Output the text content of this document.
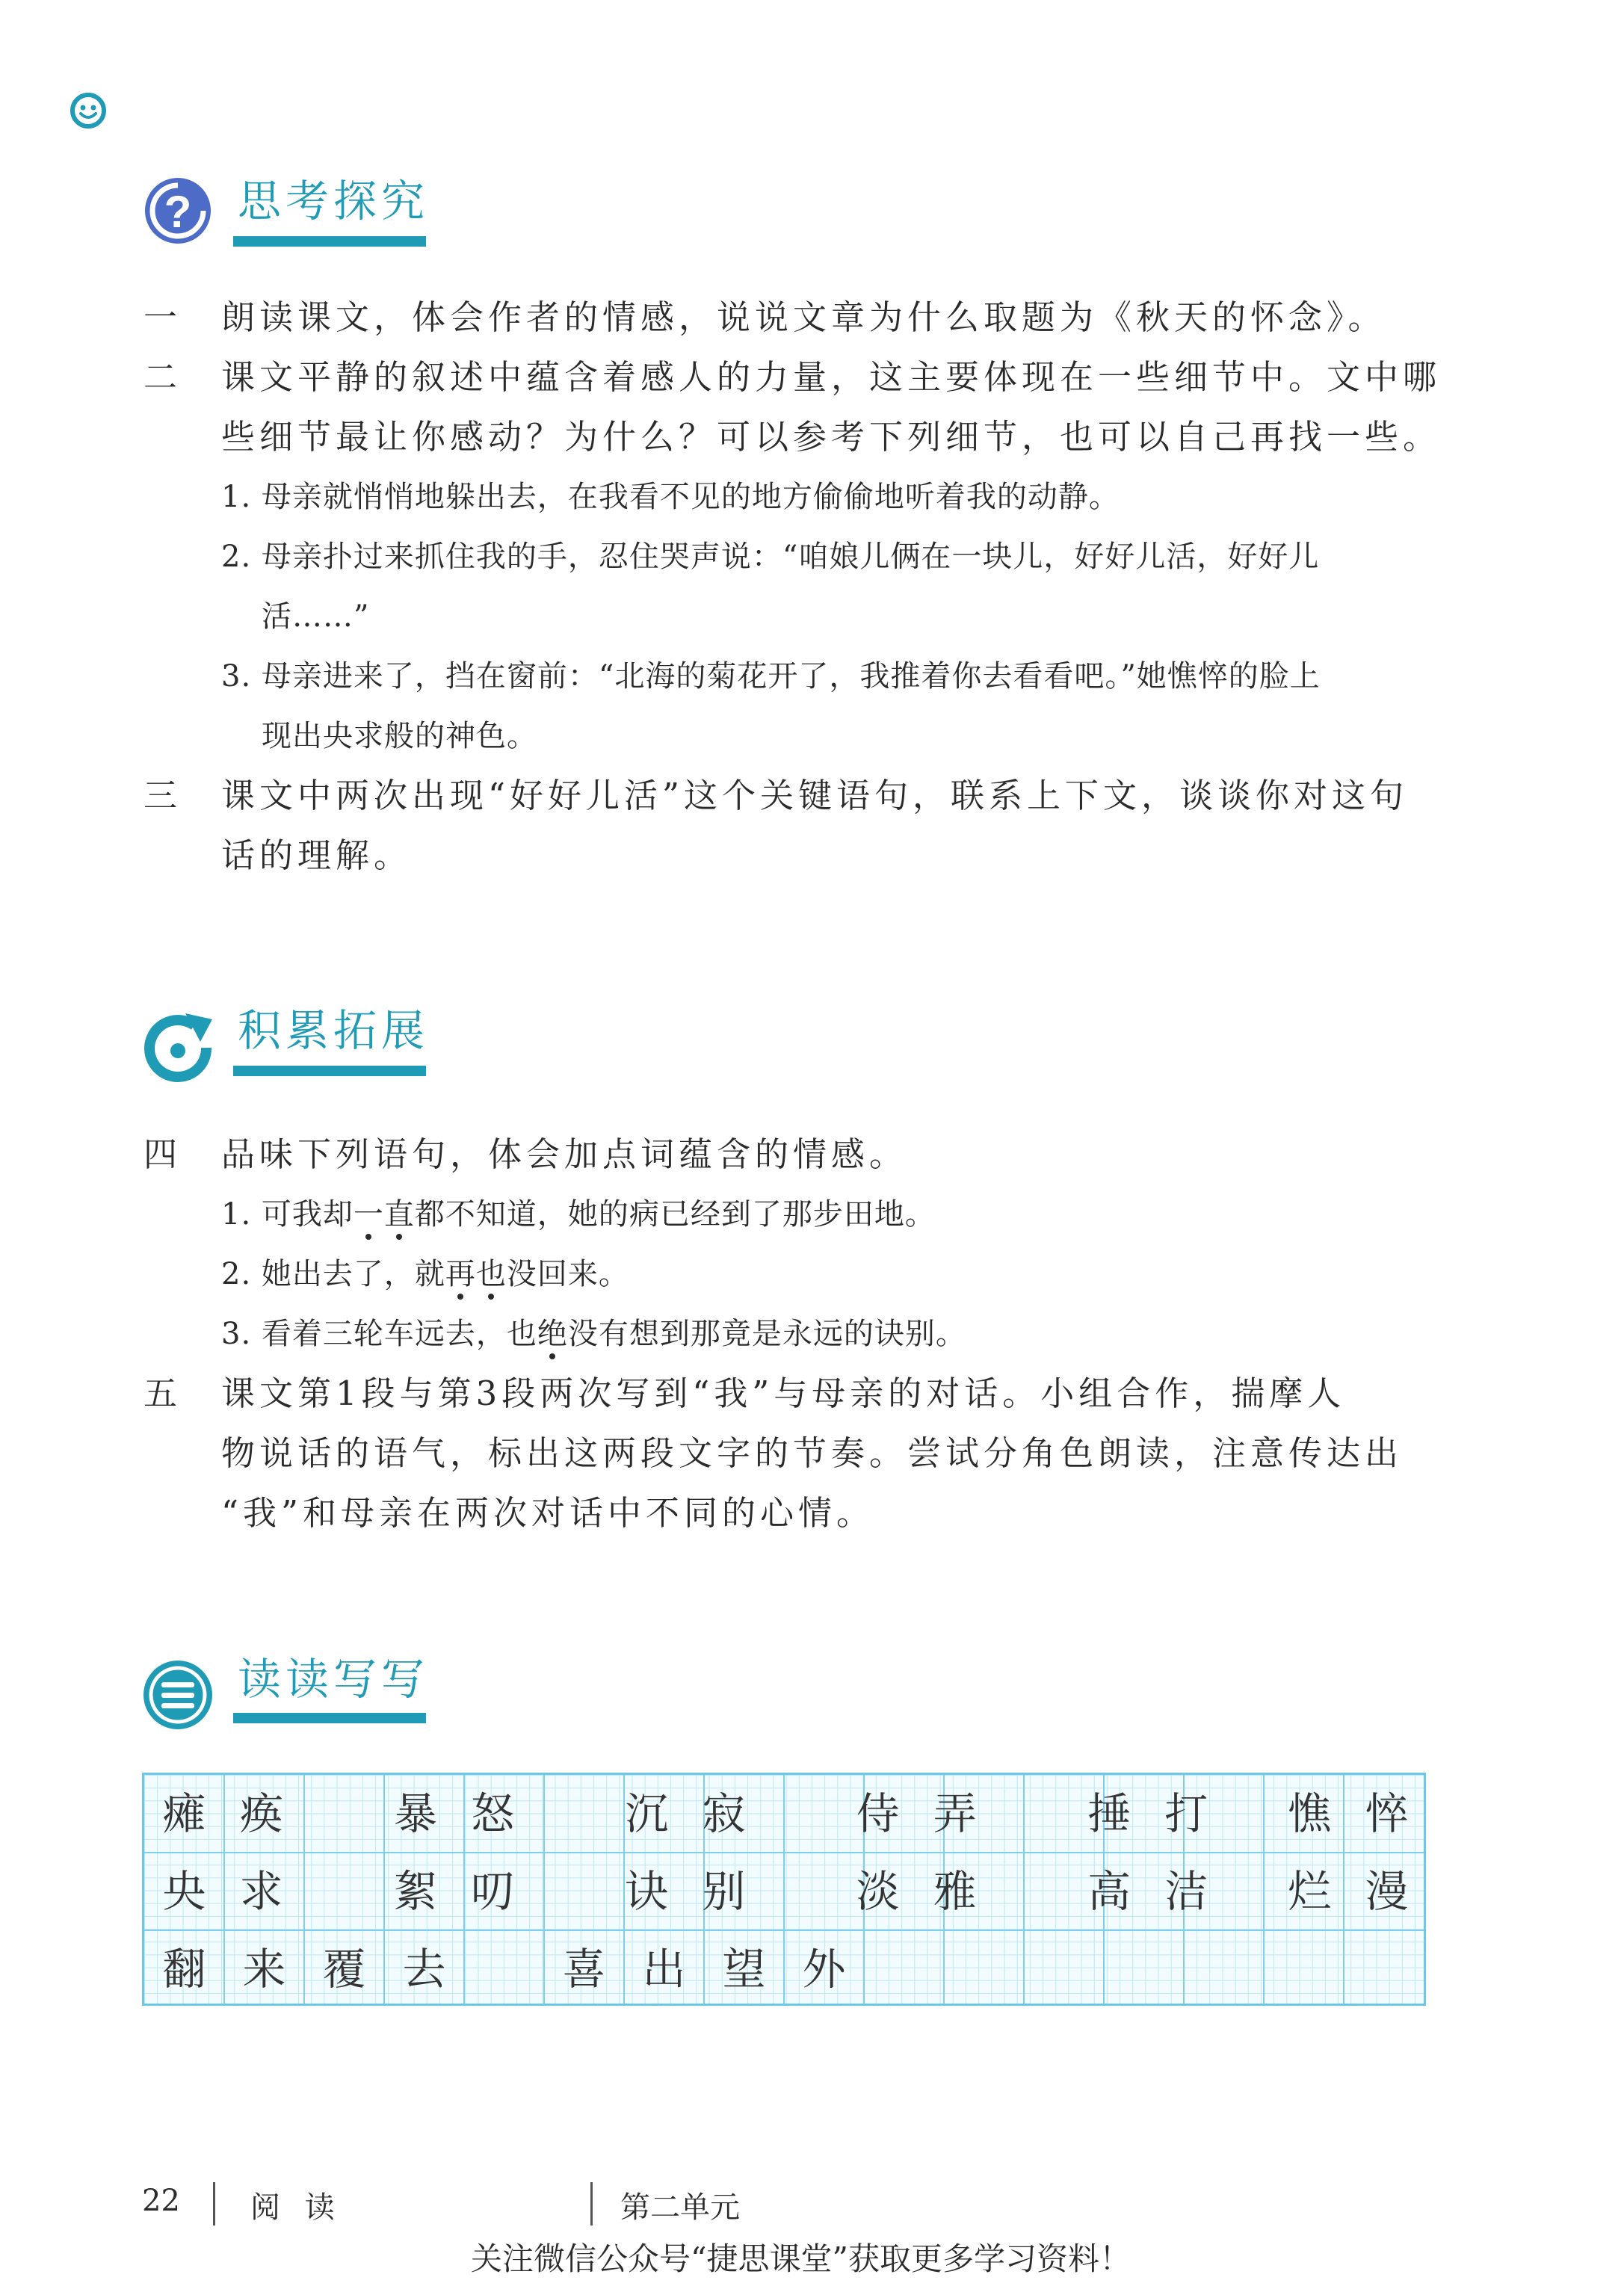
? 思考探究
一 朗读课文，体会作者的情感，说说文章为什么取题为《秋天的怀念》。
二 课文平静的叙述中蕴含着感人的力量，这主要体现在一些细节中。文中哪
些细节最让你感动？为什么？可以参考下列细节，也可以自己再找一些。
1. 母亲就悄悄地躲出去，在我看不见的地方偷偷地听着我的动静。
2. 母亲扑过来抓住我的手，忍住哭声说：“咱娘儿俩在一块儿，好好儿活，好好儿
活……”
3. 母亲进来了，挡在窗前：“北海的菊花开了，我推着你去看看吧。”她憔悴的脸上
现出央求般的神色。
三 课文中两次出现“好好儿活”这个关键语句，联系上下文，谈谈你对这句
话的理解。
积累拓展
四 品味下列语句，体会加点词蕴含的情感。
1. 可我却一
直
都不知道，她的病已经到了那步田地。
2. 她出去了，就再
也
没回来。
3. 看着三轮车远去，也绝
没有想到那竟是永远的诀别。
五 课文第1段与第3段两次写到“我”与母亲的对话。小组合作，揣摩人
物说话的语气，标出这两段文字的节奏。尝试分角色朗读，注意传达出
“我”和母亲在两次对话中不同的心情。
读读写写
瘫 痪	暴 怒	沉 寂	侍 弄	捶 打	憔 悴
央 求	絮 叨	诀 别	淡 雅	高 洁	烂 漫
翻 来 覆 去	喜 出 望 外
22 阅 读	第二单元
关注微信公众号“捷思课堂”获取更多学习资料！
